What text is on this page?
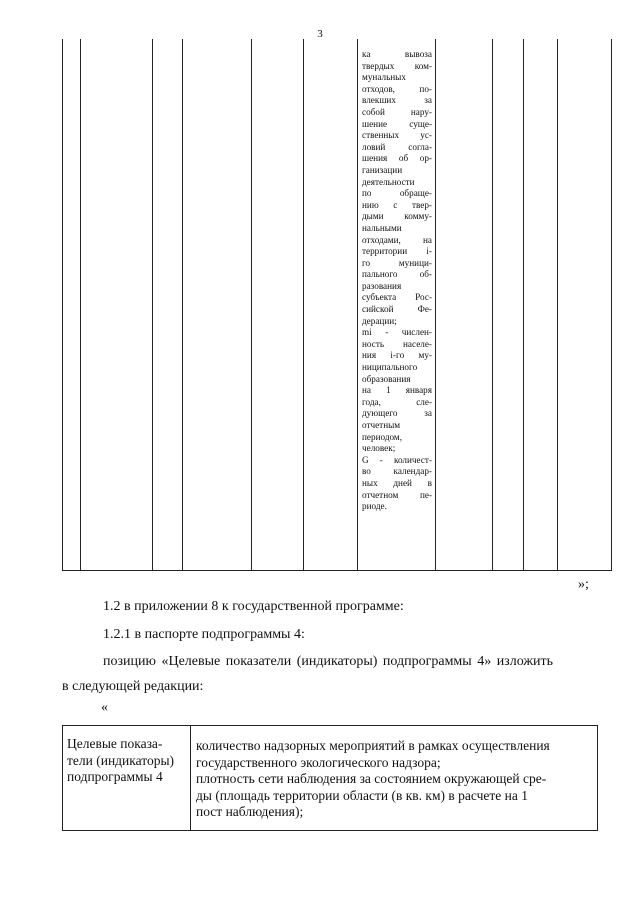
3
ка вывоза
твердых ком-
мунальных
отходов, по-
влекших за
собой нару-
шение суще-
ственных ус-
ловий согла-
шения об ор-
ганизации
деятельности
по обраще-
нию с твер-
дыми комму-
нальными
отходами, на
территории i-
го муници-
пального об-
разования
субъекта Рос-
сийской Фе-
дерации;
mi - числен-
ность населе-
ния i-го му-
ниципального
образования
на 1 января
года, сле-
дующего за
отчетным
периодом,
человек;
G - количест-
во календар-
ных дней в
отчетном пе-
риоде.
»;
1.2 в приложении 8 к государственной программе:
1.2.1 в паспорте подпрограммы 4:
позицию «Целевые показатели (индикаторы) подпрограммы 4» изложить
в следующей редакции:
«
Целевые показа-
тели (индикаторы)
подпрограммы 4
количество надзорных мероприятий в рамках осуществления
государственного экологического надзора;
плотность сети наблюдения за состоянием окружающей сре-
ды (площадь территории области (в кв. км) в расчете на 1
пост наблюдения);
